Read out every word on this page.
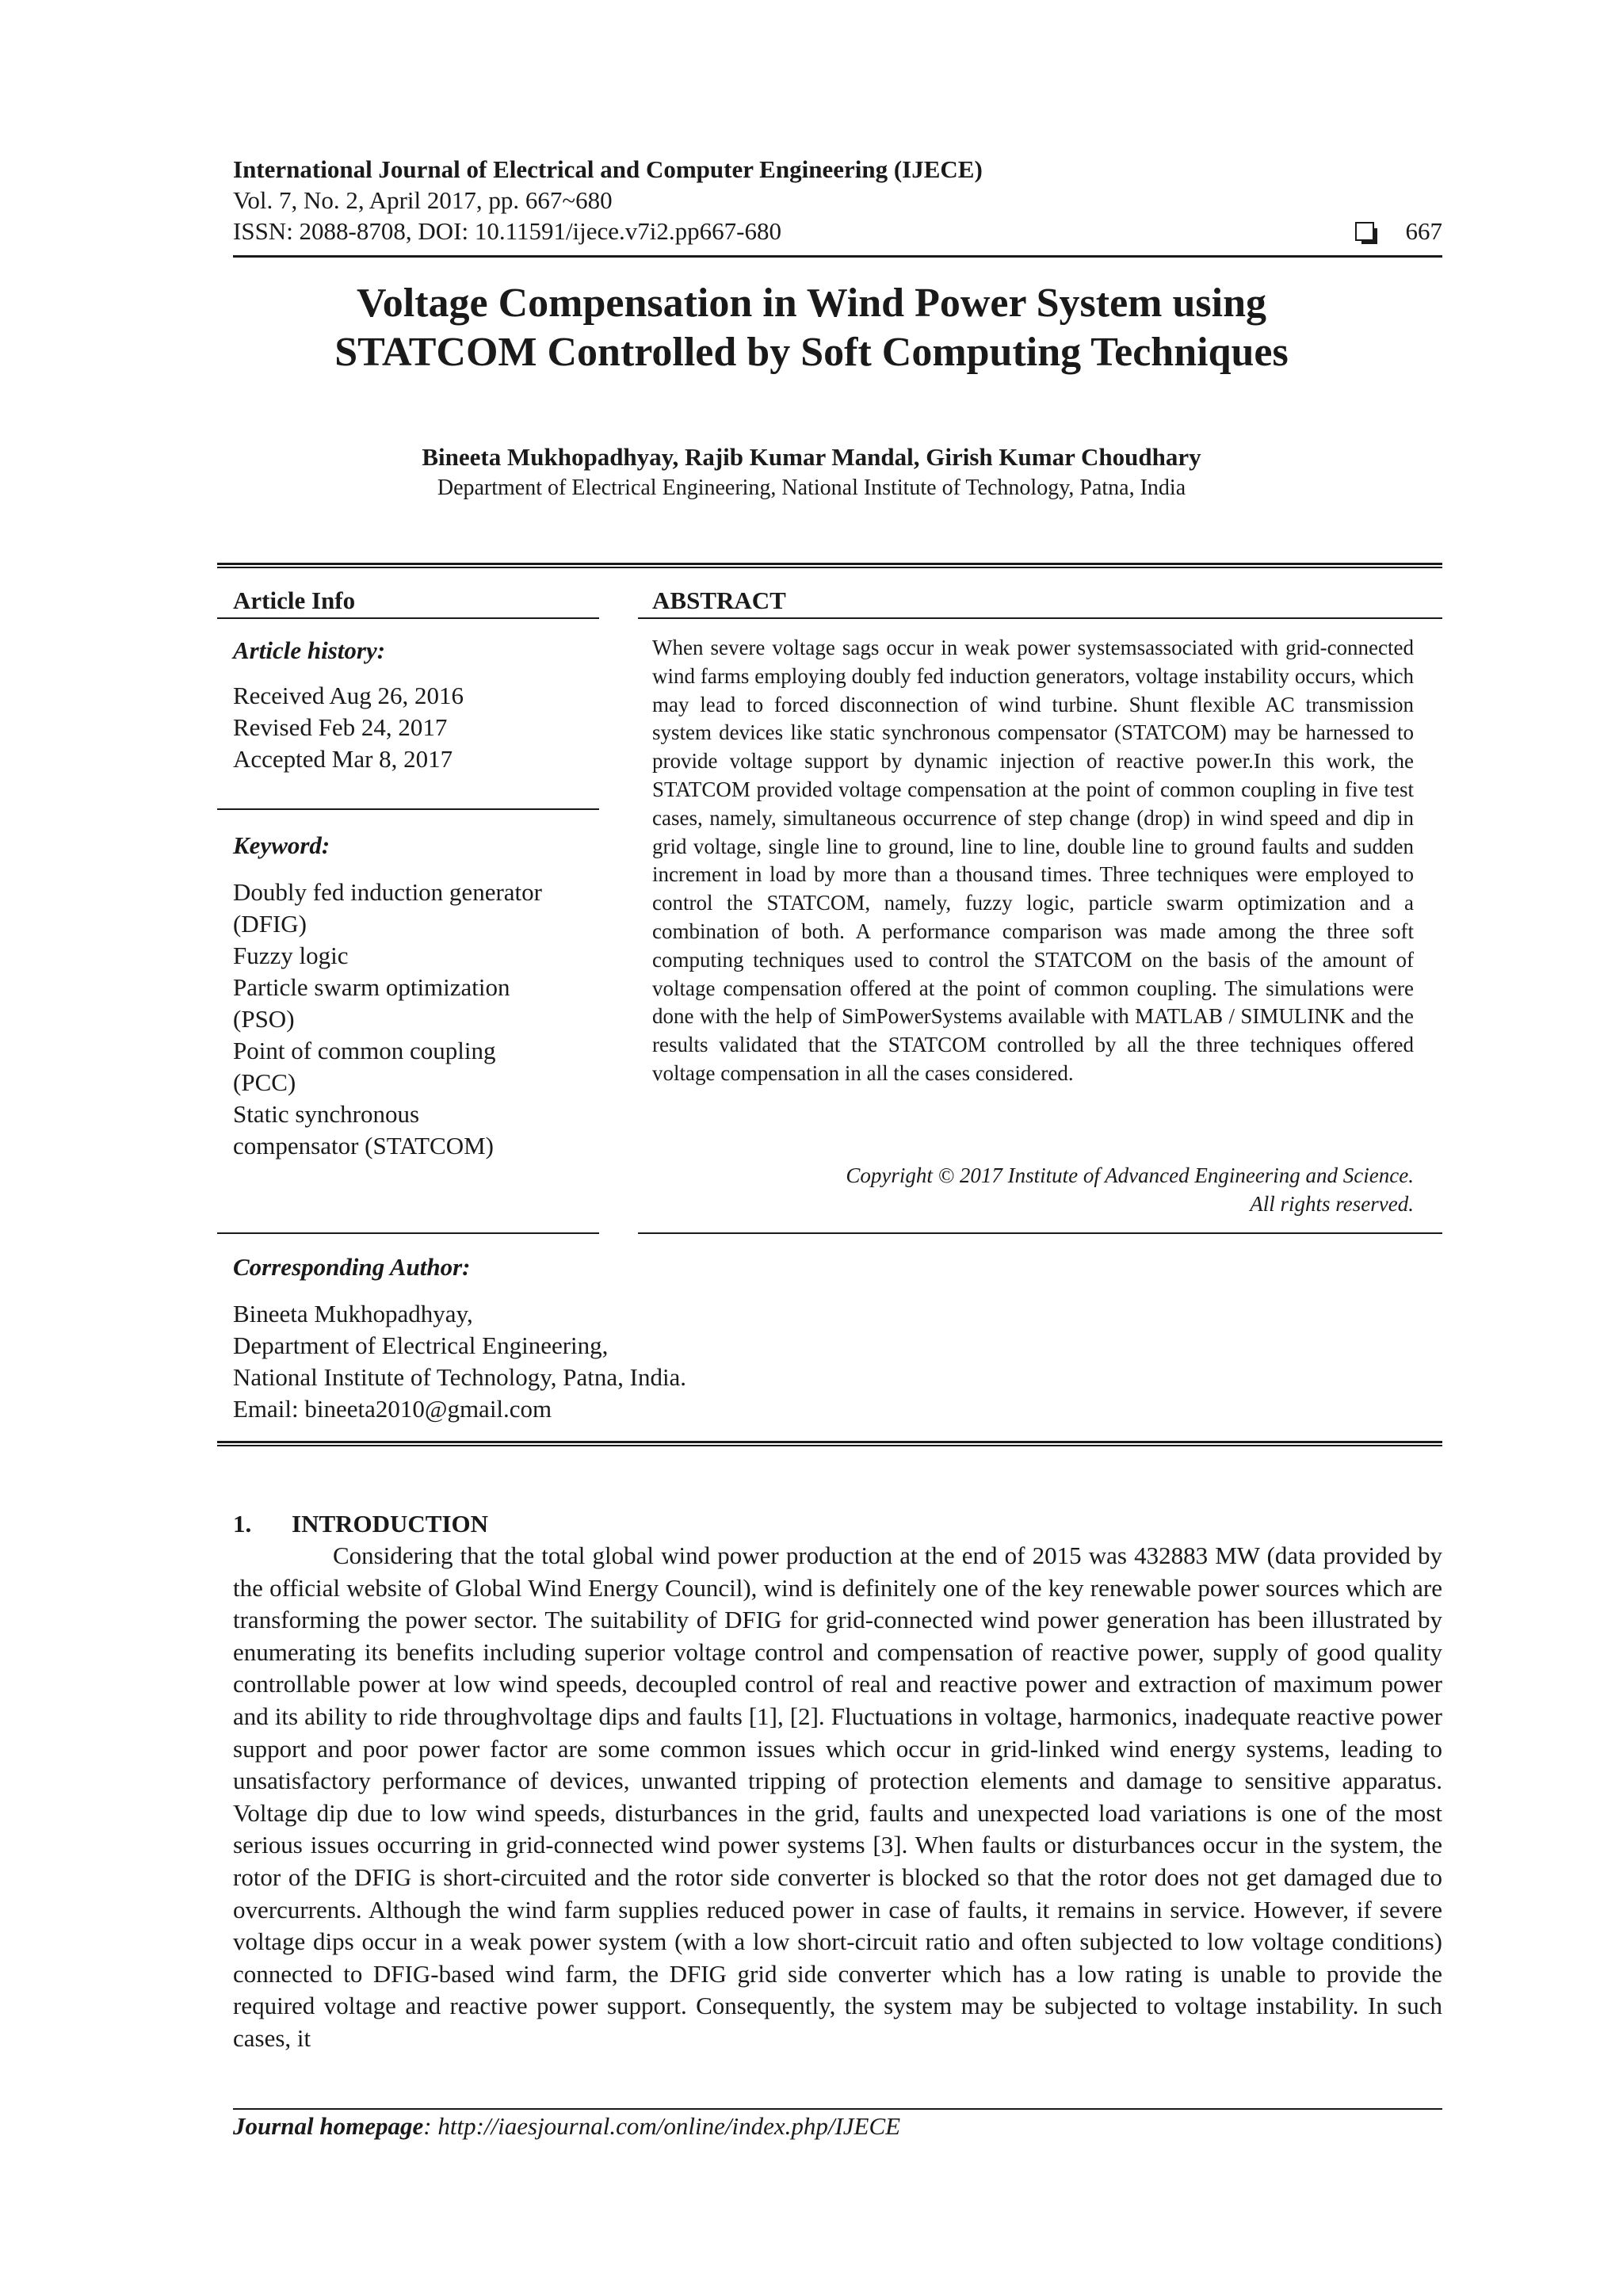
International Journal of Electrical and Computer Engineering (IJECE)
Vol. 7, No. 2, April 2017, pp. 667~680
ISSN: 2088-8708, DOI: 10.11591/ijece.v7i2.pp667-680	667
Voltage Compensation in Wind Power System using
STATCOM Controlled by Soft Computing Techniques
Bineeta Mukhopadhyay, Rajib Kumar Mandal, Girish Kumar Choudhary
Department of Electrical Engineering, National Institute of Technology, Patna, India
Article Info
Article history:
Received Aug 26, 2016
Revised Feb 24, 2017
Accepted Mar 8, 2017
Keyword:
Doubly fed induction generator
(DFIG)
Fuzzy logic
Particle swarm optimization
(PSO)
Point of common coupling
(PCC)
Static synchronous
compensator (STATCOM)
ABSTRACT
When severe voltage sags occur in weak power systemsassociated with grid-connected wind farms employing doubly fed induction generators, voltage instability occurs, which may lead to forced disconnection of wind turbine. Shunt flexible AC transmission system devices like static synchronous compensator (STATCOM) may be harnessed to provide voltage support by dynamic injection of reactive power.In this work, the STATCOM provided voltage compensation at the point of common coupling in five test cases, namely, simultaneous occurrence of step change (drop) in wind speed and dip in grid voltage, single line to ground, line to line, double line to ground faults and sudden increment in load by more than a thousand times. Three techniques were employed to control the STATCOM, namely, fuzzy logic, particle swarm optimization and a combination of both. A performance comparison was made among the three soft computing techniques used to control the STATCOM on the basis of the amount of voltage compensation offered at the point of common coupling. The simulations were done with the help of SimPowerSystems available with MATLAB / SIMULINK and the results validated that the STATCOM controlled by all the three techniques offered voltage compensation in all the cases considered.
Copyright © 2017 Institute of Advanced Engineering and Science.
All rights reserved.
Corresponding Author:
Bineeta Mukhopadhyay,
Department of Electrical Engineering,
National Institute of Technology, Patna, India.
Email: bineeta2010@gmail.com
1. INTRODUCTION
Considering that the total global wind power production at the end of 2015 was 432883 MW (data provided by the official website of Global Wind Energy Council), wind is definitely one of the key renewable power sources which are transforming the power sector. The suitability of DFIG for grid-connected wind power generation has been illustrated by enumerating its benefits including superior voltage control and compensation of reactive power, supply of good quality controllable power at low wind speeds, decoupled control of real and reactive power and extraction of maximum power and its ability to ride throughvoltage dips and faults [1], [2]. Fluctuations in voltage, harmonics, inadequate reactive power support and poor power factor are some common issues which occur in grid-linked wind energy systems, leading to unsatisfactory performance of devices, unwanted tripping of protection elements and damage to sensitive apparatus. Voltage dip due to low wind speeds, disturbances in the grid, faults and unexpected load variations is one of the most serious issues occurring in grid-connected wind power systems [3]. When faults or disturbances occur in the system, the rotor of the DFIG is short-circuited and the rotor side converter is blocked so that the rotor does not get damaged due to overcurrents. Although the wind farm supplies reduced power in case of faults, it remains in service. However, if severe voltage dips occur in a weak power system (with a low short-circuit ratio and often subjected to low voltage conditions) connected to DFIG-based wind farm, the DFIG grid side converter which has a low rating is unable to provide the required voltage and reactive power support. Consequently, the system may be subjected to voltage instability. In such cases, it
Journal homepage: http://iaesjournal.com/online/index.php/IJECE
